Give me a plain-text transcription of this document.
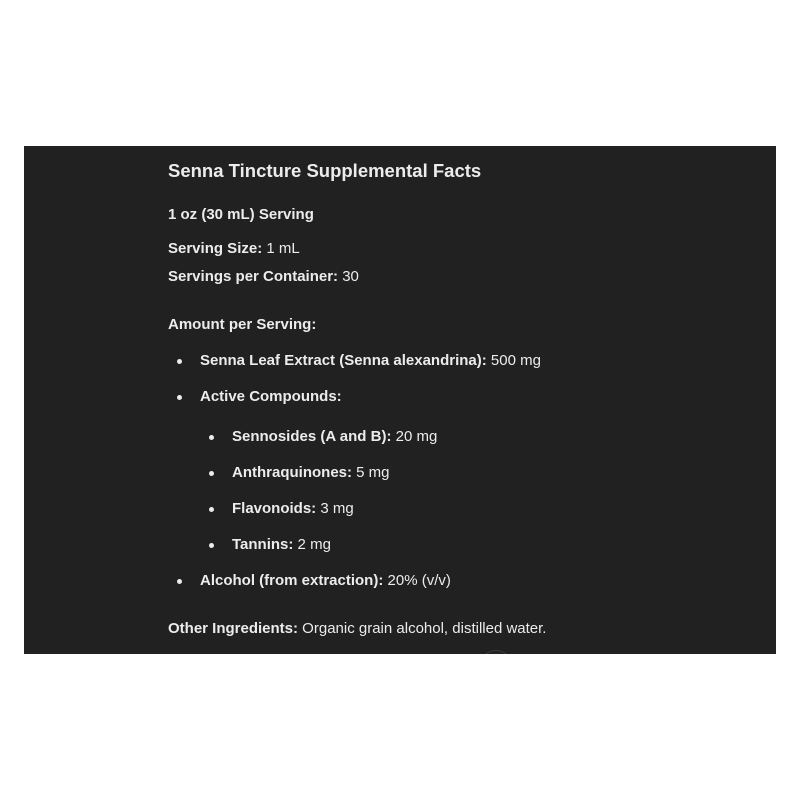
Senna Tincture Supplemental Facts
1 oz (30 mL) Serving
Serving Size: 1 mL
Servings per Container: 30
Amount per Serving:
Senna Leaf Extract (Senna alexandrina): 500 mg
Active Compounds:
Sennosides (A and B): 20 mg
Anthraquinones: 5 mg
Flavonoids: 3 mg
Tannins: 2 mg
Alcohol (from extraction): 20% (v/v)
Other Ingredients: Organic grain alcohol, distilled water.
